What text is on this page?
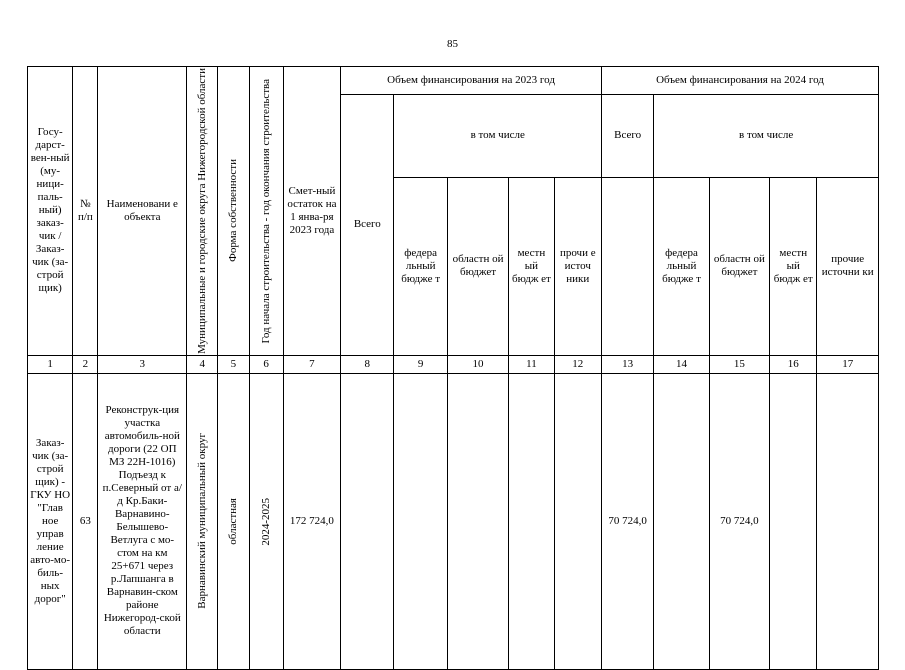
85
Госу-дарст-вен-ный (му-ници-паль-ный) заказ-чик / Заказ-чик (за-строй щик)	№ п/п	Наименовани е объекта	Муниципальные и городские округа Нижегородской области	Форма собственности	Год начала строительства - год окончания строительства	Смет-ный остаток на 1 янва-ря 2023 года	Объем финансирования на 2023 год					Объем финансирования на 2024 год				
							Всего	в том числе				Всего	в том числе			
								федера льный бюдже т	областн ой бюджет	местн ый бюдж ет	прочи е источ ники		федера льный бюдже т	областн ой бюджет	местн ый бюдж ет	прочие источни ки
1	2	3	4	5	6	7	8	9	10	11	12	13	14	15	16	17
Заказ-чик (за-строй щик) - ГКУ НО "Глав ное управ ление авто-мо-биль-ных дорог"	63	Реконструк-ция участка автомобиль-ной дороги (22 ОП МЗ 22Н-1016) Подъезд к п.Северный от а/д Кр.Баки-Варнавино-Белышево-Ветлуга с мо-стом на км 25+671 через р.Лапшанга в Варнавин-ском районе Нижегород-ской области	Варнавинский муниципальный округ	областная	2024-2025	172 724,0						70 724,0		70 724,0		
